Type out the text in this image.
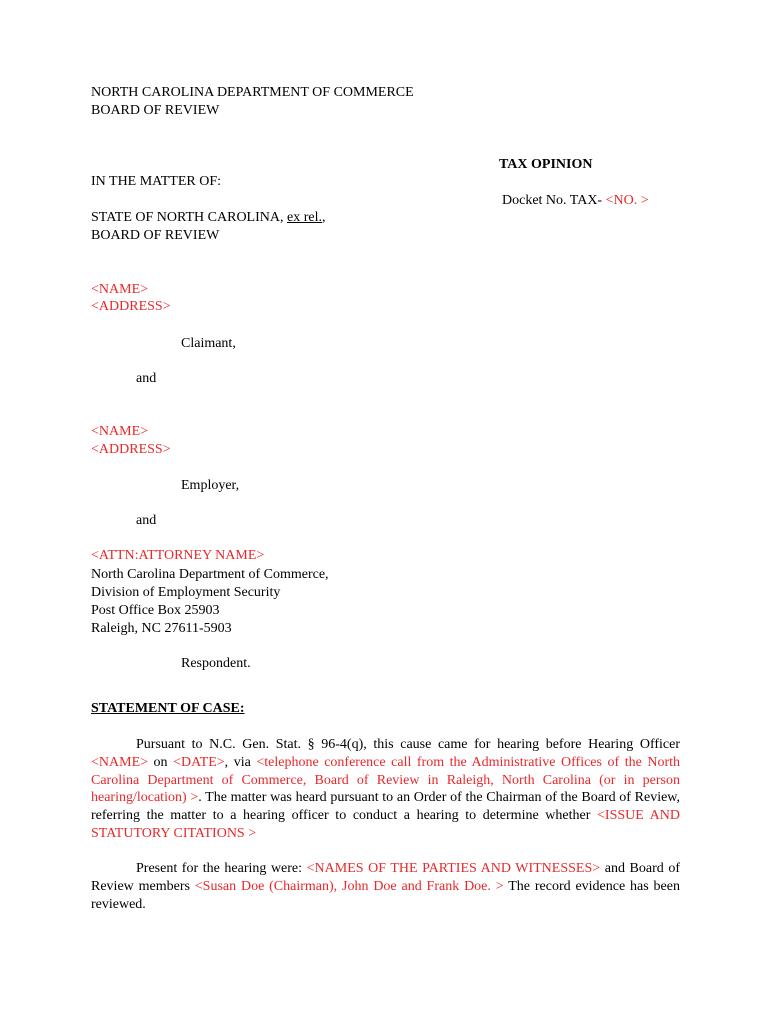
NORTH CAROLINA DEPARTMENT OF COMMERCE
BOARD OF REVIEW
TAX OPINION
Docket No. TAX- <NO. >
IN THE MATTER OF:
STATE OF NORTH CAROLINA, ex rel.,
BOARD OF REVIEW
<NAME>
<ADDRESS>
Claimant,
and
<NAME>
<ADDRESS>
Employer,
and
<ATTN:ATTORNEY NAME>
North Carolina Department of Commerce,
Division of Employment Security
Post Office Box 25903
Raleigh, NC 27611-5903
Respondent.
STATEMENT OF CASE:
Pursuant to N.C. Gen. Stat. § 96-4(q), this cause came for hearing before Hearing Officer <NAME> on <DATE>, via <telephone conference call from the Administrative Offices of the North Carolina Department of Commerce, Board of Review in Raleigh, North Carolina (or in person hearing/location) >. The matter was heard pursuant to an Order of the Chairman of the Board of Review, referring the matter to a hearing officer to conduct a hearing to determine whether <ISSUE AND STATUTORY CITATIONS >
Present for the hearing were: <NAMES OF THE PARTIES AND WITNESSES> and Board of Review members <Susan Doe (Chairman), John Doe and Frank Doe. > The record evidence has been reviewed.
